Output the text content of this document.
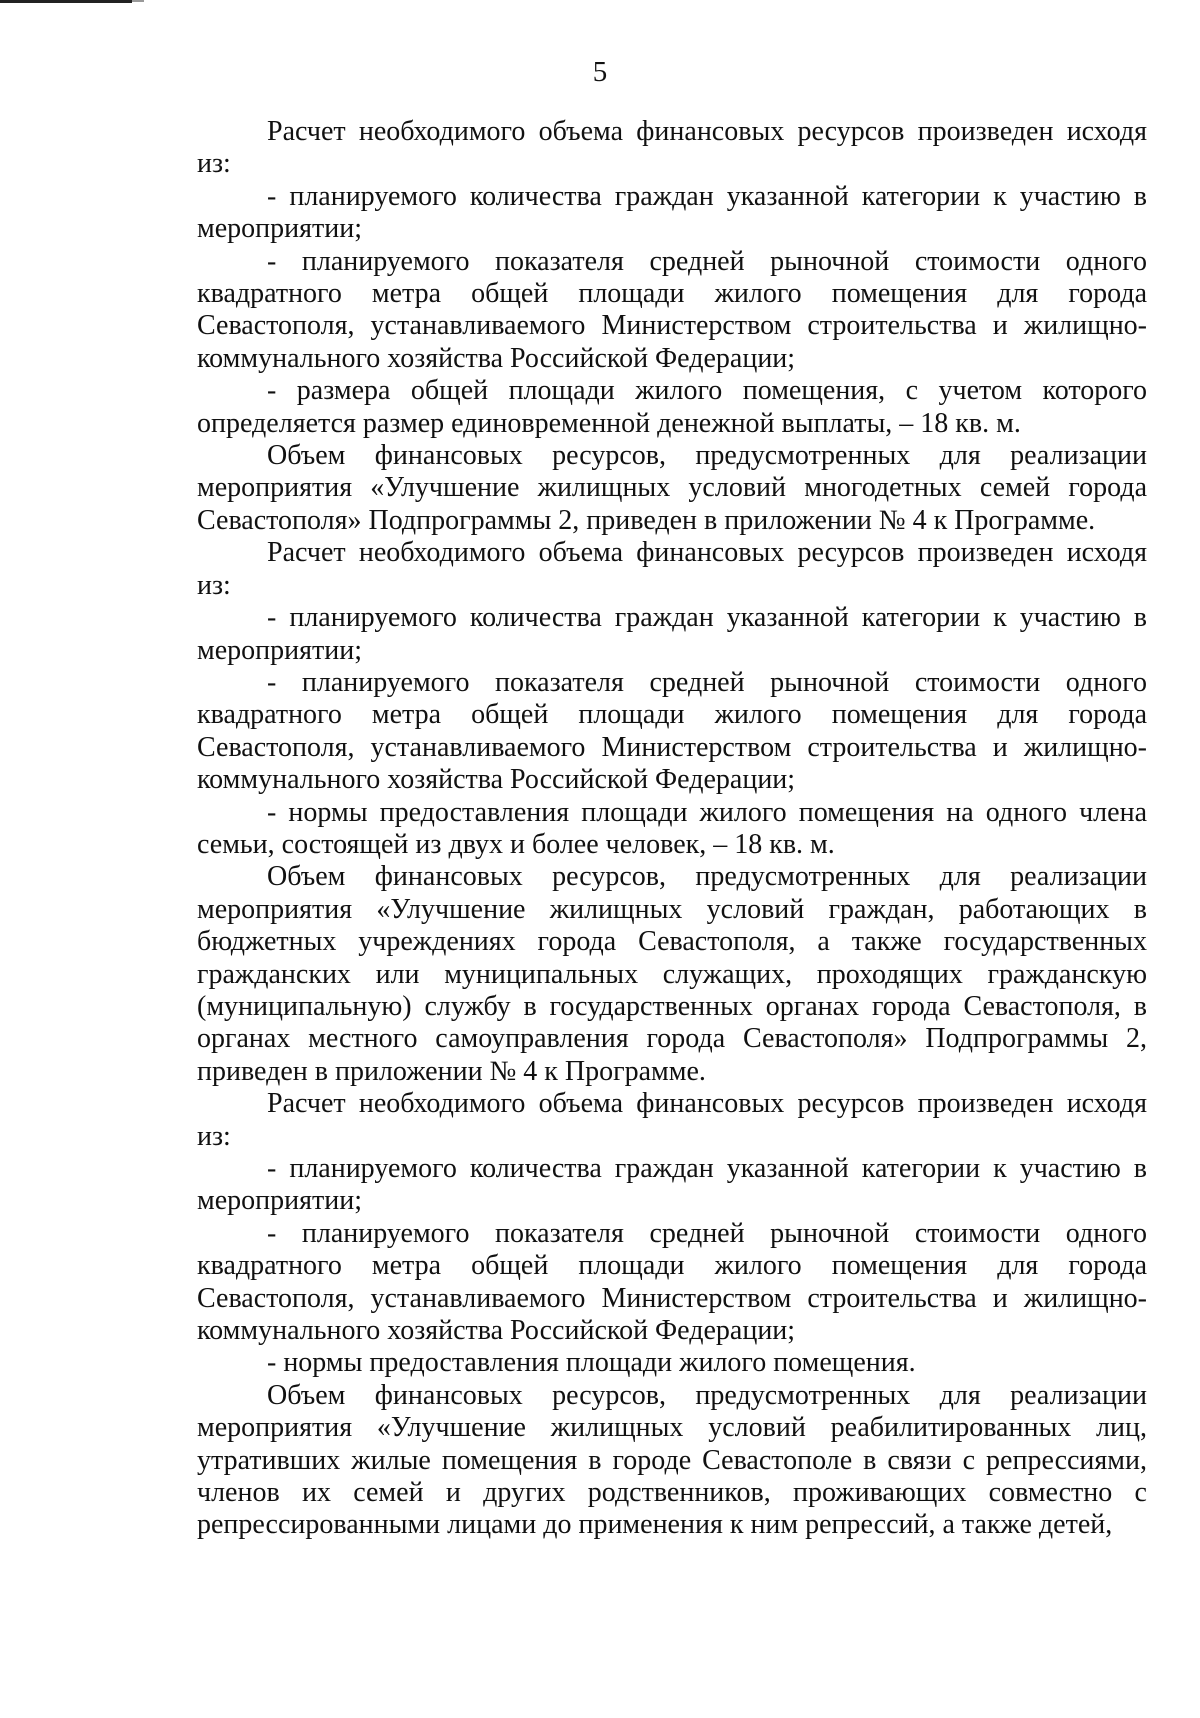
5

Расчет необходимого объема финансовых ресурсов произведен исходя из:

- планируемого количества граждан указанной категории к участию в мероприятии;

- планируемого показателя средней рыночной стоимости одного квадратного метра общей площади жилого помещения для города Севастополя, устанавливаемого Министерством строительства и жилищно-коммунального хозяйства Российской Федерации;

- размера общей площади жилого помещения, с учетом которого определяется размер единовременной денежной выплаты, – 18 кв. м.

Объем финансовых ресурсов, предусмотренных для реализации мероприятия «Улучшение жилищных условий многодетных семей города Севастополя» Подпрограммы 2, приведен в приложении № 4 к Программе.

Расчет необходимого объема финансовых ресурсов произведен исходя из:

- планируемого количества граждан указанной категории к участию в мероприятии;

- планируемого показателя средней рыночной стоимости одного квадратного метра общей площади жилого помещения для города Севастополя, устанавливаемого Министерством строительства и жилищно-коммунального хозяйства Российской Федерации;

- нормы предоставления площади жилого помещения на одного члена семьи, состоящей из двух и более человек, – 18 кв. м.

Объем финансовых ресурсов, предусмотренных для реализации мероприятия «Улучшение жилищных условий граждан, работающих в бюджетных учреждениях города Севастополя, а также государственных гражданских или муниципальных служащих, проходящих гражданскую (муниципальную) службу в государственных органах города Севастополя, в органах местного самоуправления города Севастополя» Подпрограммы 2, приведен в приложении № 4 к Программе.

Расчет необходимого объема финансовых ресурсов произведен исходя из:

- планируемого количества граждан указанной категории к участию в мероприятии;

- планируемого показателя средней рыночной стоимости одного квадратного метра общей площади жилого помещения для города Севастополя, устанавливаемого Министерством строительства и жилищно-коммунального хозяйства Российской Федерации;

- нормы предоставления площади жилого помещения.

Объем финансовых ресурсов, предусмотренных для реализации мероприятия «Улучшение жилищных условий реабилитированных лиц, утративших жилые помещения в городе Севастополе в связи с репрессиями, членов их семей и других родственников, проживающих совместно с репрессированными лицами до применения к ним репрессий, а также детей,
